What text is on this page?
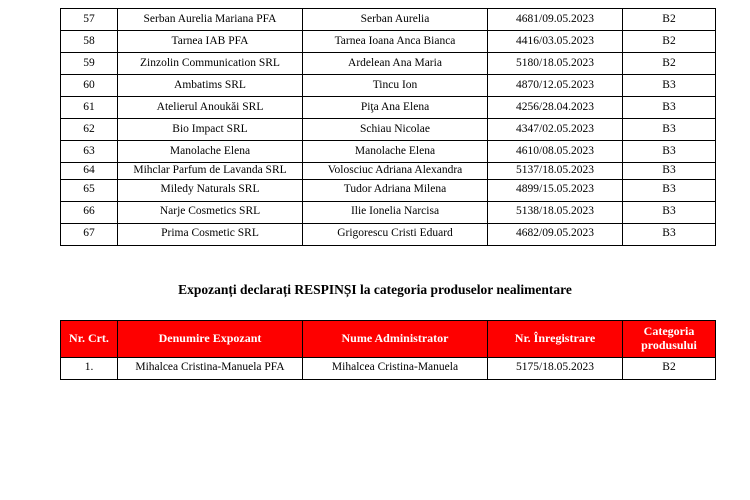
57	Serban Aurelia Mariana PFA	Serban Aurelia	4681/09.05.2023	B2
58	Tarnea IAB PFA	Tarnea Ioana Anca Bianca	4416/03.05.2023	B2
59	Zinzolin Communication SRL	Ardelean Ana Maria	5180/18.05.2023	B2
60	Ambatims SRL	Tincu Ion	4870/12.05.2023	B3
61	Atelierul Anoukăi SRL	Piţa Ana Elena	4256/28.04.2023	B3
62	Bio Impact SRL	Schiau Nicolae	4347/02.05.2023	B3
63	Manolache Elena	Manolache Elena	4610/08.05.2023	B3
64	Mihclar Parfum de Lavanda SRL	Volosciuc Adriana Alexandra	5137/18.05.2023	B3
65	Miledy Naturals SRL	Tudor Adriana Milena	4899/15.05.2023	B3
66	Narje Cosmetics SRL	Ilie Ionelia Narcisa	5138/18.05.2023	B3
67	Prima Cosmetic SRL	Grigorescu Cristi Eduard	4682/09.05.2023	B3
Expozanți declarați RESPINȘI la categoria produselor nealimentare
Nr. Crt.	Denumire Expozant	Nume Administrator	Nr. Înregistrare	Categoria produsului
1.	Mihalcea Cristina-Manuela PFA	Mihalcea Cristina-Manuela	5175/18.05.2023	B2
